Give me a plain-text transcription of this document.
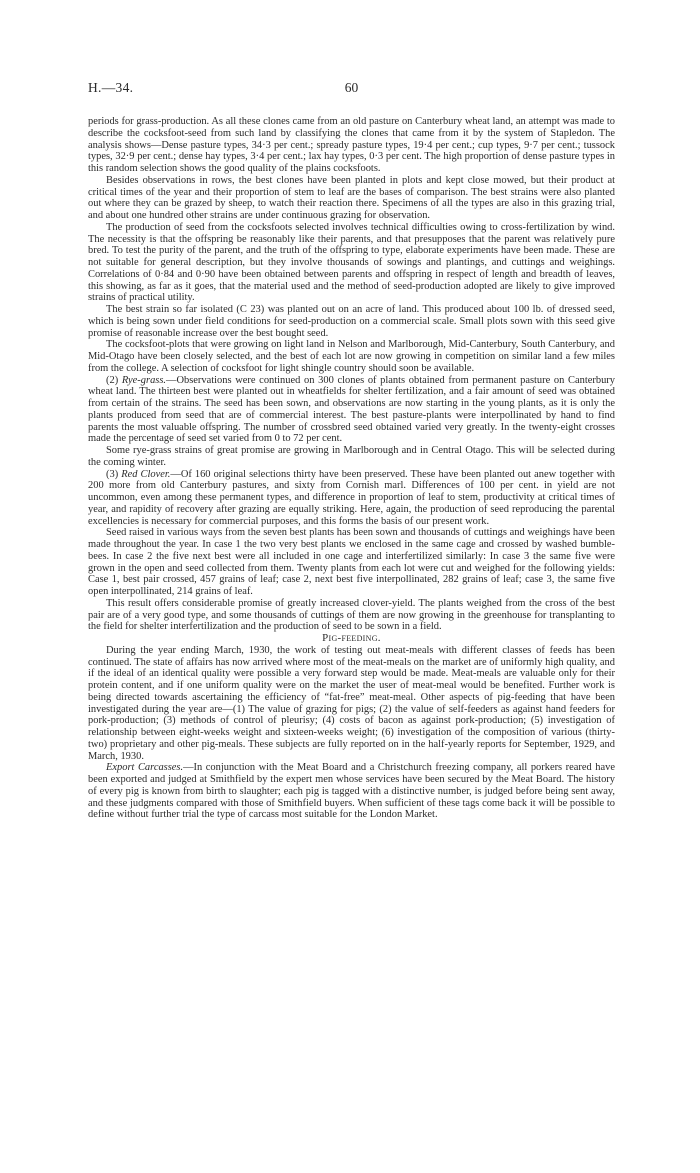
60
H.—34.

periods for grass-production. As all these clones came from an old pasture on Canterbury wheat land, an attempt was made to describe the cocksfoot-seed from such land by classifying the clones that came from it by the system of Stapledon. The analysis shows—Dense pasture types, 34·3 per cent.; spready pasture types, 19·4 per cent.; cup types, 9·7 per cent.; tussock types, 32·9 per cent.; dense hay types, 3·4 per cent.; lax hay types, 0·3 per cent. The high proportion of dense pasture types in this random selection shows the good quality of the plains cocksfoots.

Besides observations in rows, the best clones have been planted in plots and kept close mowed, but their product at critical times of the year and their proportion of stem to leaf are the bases of comparison. The best strains were also planted out where they can be grazed by sheep, to watch their reaction there. Specimens of all the types are also in this grazing trial, and about one hundred other strains are under continuous grazing for observation.

The production of seed from the cocksfoots selected involves technical difficulties owing to cross-fertilization by wind. The necessity is that the offspring be reasonably like their parents, and that presupposes that the parent was relatively pure bred. To test the purity of the parent, and the truth of the offspring to type, elaborate experiments have been made. These are not suitable for general description, but they involve thousands of sowings and plantings, and cuttings and weighings. Correlations of 0·84 and 0·90 have been obtained between parents and offspring in respect of length and breadth of leaves, this showing, as far as it goes, that the material used and the method of seed-production adopted are likely to give improved strains of practical utility.

The best strain so far isolated (C 23) was planted out on an acre of land. This produced about 100 lb. of dressed seed, which is being sown under field conditions for seed-production on a commercial scale. Small plots sown with this seed give promise of reasonable increase over the best bought seed.

The cocksfoot-plots that were growing on light land in Nelson and Marlborough, Mid-Canterbury, South Canterbury, and Mid-Otago have been closely selected, and the best of each lot are now growing in competition on similar land a few miles from the college. A selection of cocksfoot for light shingle country should soon be available.

(2) Rye-grass.—Observations were continued on 300 clones of plants obtained from permanent pasture on Canterbury wheat land. The thirteen best were planted out in wheatfields for shelter fertilization, and a fair amount of seed was obtained from certain of the strains. The seed has been sown, and observations are now starting in the young plants, as it is only the plants produced from seed that are of commercial interest. The best pasture-plants were interpollinated by hand to find parents the most valuable offspring. The number of crossbred seed obtained varied very greatly. In the twenty-eight crosses made the percentage of seed set varied from 0 to 72 per cent.

Some rye-grass strains of great promise are growing in Marlborough and in Central Otago. This will be selected during the coming winter.

(3) Red Clover.—Of 160 original selections thirty have been preserved. These have been planted out anew together with 200 more from old Canterbury pastures, and sixty from Cornish marl. Differences of 100 per cent. in yield are not uncommon, even among these permanent types, and difference in proportion of leaf to stem, productivity at critical times of year, and rapidity of recovery after grazing are equally striking. Here, again, the production of seed reproducing the parental excellencies is necessary for commercial purposes, and this forms the basis of our present work.

Seed raised in various ways from the seven best plants has been sown and thousands of cuttings and weighings have been made throughout the year. In case 1 the two very best plants we enclosed in the same cage and crossed by washed bumble-bees. In case 2 the five next best were all included in one cage and interfertilized similarly: In case 3 the same five were grown in the open and seed collected from them. Twenty plants from each lot were cut and weighed for the following yields: Case 1, best pair crossed, 457 grains of leaf; case 2, next best five interpollinated, 282 grains of leaf; case 3, the same five open interpollinated, 214 grains of leaf.

This result offers considerable promise of greatly increased clover-yield. The plants weighed from the cross of the best pair are of a very good type, and some thousands of cuttings of them are now growing in the greenhouse for transplanting to the field for shelter interfertilization and the production of seed to be sown in a field.

Pig-feeding.

During the year ending March, 1930, the work of testing out meat-meals with different classes of feeds has been continued. The state of affairs has now arrived where most of the meat-meals on the market are of uniformly high quality, and if the ideal of an identical quality were possible a very forward step would be made. Meat-meals are valuable only for their protein content, and if one uniform quality were on the market the user of meat-meal would be benefited. Further work is being directed towards ascertaining the efficiency of “fat-free” meat-meal. Other aspects of pig-feeding that have been investigated during the year are—(1) The value of grazing for pigs; (2) the value of self-feeders as against hand feeders for pork-production; (3) methods of control of pleurisy; (4) costs of bacon as against pork-production; (5) investigation of relationship between eight-weeks weight and sixteen-weeks weight; (6) investigation of the composition of various (thirty-two) proprietary and other pig-meals. These subjects are fully reported on in the half-yearly reports for September, 1929, and March, 1930.

Export Carcasses.—In conjunction with the Meat Board and a Christchurch freezing company, all porkers reared have been exported and judged at Smithfield by the expert men whose services have been secured by the Meat Board. The history of every pig is known from birth to slaughter; each pig is tagged with a distinctive number, is judged before being sent away, and these judgments compared with those of Smithfield buyers. When sufficient of these tags come back it will be possible to define without further trial the type of carcass most suitable for the London Market.
